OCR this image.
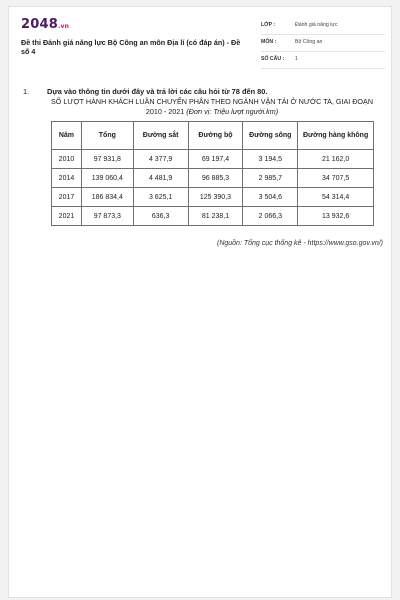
2048.vn
Đề thi Đánh giá năng lực Bộ Công an môn Địa lí (có đáp án) - Đề số 4
LỚP :	Đánh giá năng lực
MÔN :	Bộ Công an
SỐ CÂU : 1
1. Dựa vào thông tin dưới đây và trả lời các câu hỏi từ 78 đến 80.
SỐ LƯỢT HÀNH KHÁCH LUÂN CHUYỂN PHÂN THEO NGÀNH VẬN TẢI Ở NƯỚC TA, GIAI ĐOẠN 2010 - 2021 (Đơn vị: Triệu lượt người.km)
Năm	Tổng	Đường sắt	Đường bộ	Đường sông	Đường hàng không
2010	97 931,8	4 377,9	69 197,4	3 194,5	21 162,0
2014	139 060,4	4 481,9	96 885,3	2 985,7	34 707,5
2017	186 834,4	3 625,1	125 390,3	3 504,6	54 314,4
2021	97 873,3	636,3	81 238,1	2 066,3	13 932,6
(Nguồn: Tổng cục thống kê - https://www.gso.gov.vn/)
